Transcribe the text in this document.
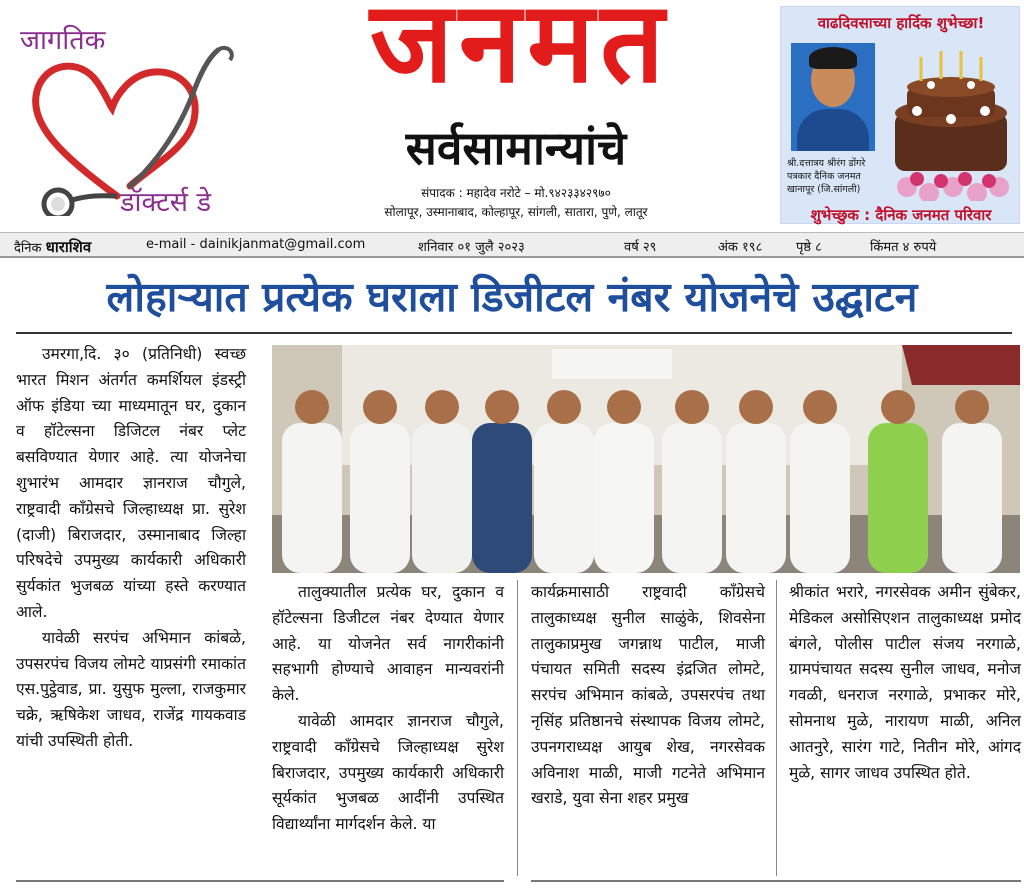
जागतिक
डॉक्टर्स डे
जनमत
सर्वसामान्यांचे
संपादक : महादेव नरोटे – मो.९४२३३४२९७०
सोलापूर, उस्मानाबाद, कोल्हापूर, सांगली, सातारा, पुणे, लातूर
वाढदिवसाच्या हार्दिक शुभेच्छा!
श्री.दत्तात्रय श्रीरंग डोंगरे
पत्रकार दैनिक जनमत
खानापूर (जि.सांगली)
शुभेच्छुक : दैनिक जनमत परिवार
दैनिक धाराशिव	e-mail - dainikjanmat@gmail.com	शनिवार ०१ जुलै २०२३	वर्ष २९	अंक १९८	पृष्ठे ८	किंमत ४ रुपये
लोहाऱ्यात प्रत्येक घराला डिजीटल नंबर योजनेचे उद्घाटन

उमरगा,दि. ३० (प्रतिनिधी) स्वच्छ भारत मिशन अंतर्गत कमर्शियल इंडस्ट्री ऑफ इंडिया च्या माध्यमातून घर, दुकान व हॉटेल्सना डिजिटल नंबर प्लेट बसविण्यात येणार आहे. त्या योजनेचा शुभारंभ आमदार ज्ञानराज चौगुले, राष्ट्रवादी कॉंग्रेसचे जिल्हाध्यक्ष प्रा. सुरेश (दाजी) बिराजदार, उस्मानाबाद जिल्हा परिषदेचे उपमुख्य कार्यकारी अधिकारी सुर्यकांत भुजबळ यांच्या हस्ते करण्यात आले.

यावेळी सरपंच अभिमान कांबळे, उपसरपंच विजय लोमटे याप्रसंगी रमाकांत एस.पुट्ठेवाड, प्रा. युसुफ मुल्ला, राजकुमार चक्रे, ऋषिकेश जाधव, राजेंद्र गायकवाड यांची उपस्थिती होती.

तालुक्यातील प्रत्येक घर, दुकान व हॉटेल्सना डिजीटल नंबर देण्यात येणार आहे. या योजनेत सर्व नागरीकांनी सहभागी होण्याचे आवाहन मान्यवरांनी केले.

यावेळी आमदार ज्ञानराज चौगुले, राष्ट्रवादी कॉंग्रेसचे जिल्हाध्यक्ष सुरेश बिराजदार, उपमुख्य कार्यकारी अधिकारी सूर्यकांत भुजबळ आदींनी उपस्थित विद्यार्थ्यांना मार्गदर्शन केले. या

कार्यक्रमासाठी राष्ट्रवादी कॉंग्रेसचे तालुकाध्यक्ष सुनील साळुंके, शिवसेना तालुकाप्रमुख जगन्नाथ पाटील, माजी पंचायत समिती सदस्य इंद्रजित लोमटे, सरपंच अभिमान कांबळे, उपसरपंच तथा नृसिंह प्रतिष्ठानचे संस्थापक विजय लोमटे, उपनगराध्यक्ष आयुब शेख, नगरसेवक अविनाश माळी, माजी गटनेते अभिमान खराडे, युवा सेना शहर प्रमुख

श्रीकांत भरारे, नगरसेवक अमीन सुंबेकर, मेडिकल असोसिएशन तालुकाध्यक्ष प्रमोद बंगले, पोलीस पाटील संजय नरगाळे, ग्रामपंचायत सदस्य सुनील जाधव, मनोज गवळी, धनराज नरगाळे, प्रभाकर मोरे, सोमनाथ मुळे, नारायण माळी, अनिल आतनुरे, सारंग गाटे, नितीन मोरे, आंगद मुळे, सागर जाधव उपस्थित होते.
